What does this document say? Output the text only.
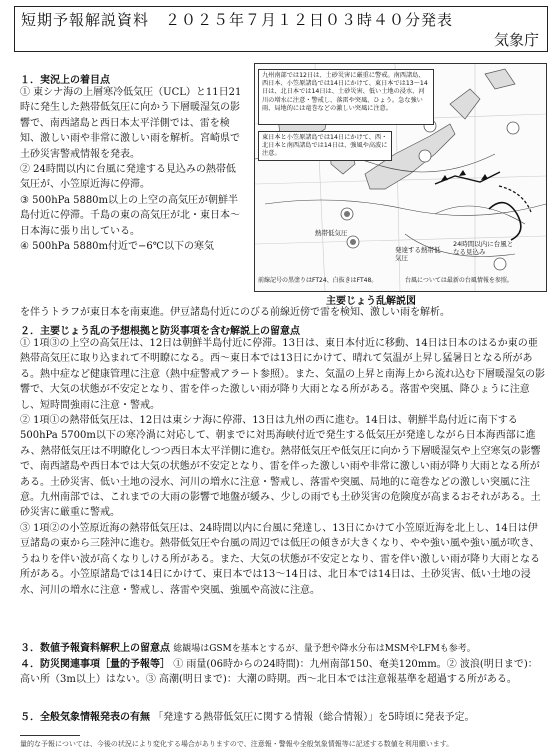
短期予報解説資料　２０２５年７月１２日０３時４０分発表
気象庁
１．実況上の着目点

① 東シナ海の上層寒冷低気圧（UCL）と11日21時に発生した熱帯低気圧に向かう下層暖湿気の影響で、南西諸島と西日本太平洋側では、雷を検知、激しい雨や非常に激しい雨を解析。宮崎県で土砂災害警戒情報を発表。

② 24時間以内に台風に発達する見込みの熱帯低気圧が、小笠原近海に停滞。

③ 500hPa 5880m以上の上空の高気圧が朝鮮半島付近に停滞。千島の東の高気圧が北・東日本～日本海に張り出している。

④ 500hPa 5880m付近で−6℃以下の寒気

を伴うトラフが東日本を南東進。伊豆諸島付近にのびる前線近傍で雷を検知、激しい雨を解析。
九州南部では12日は、土砂災害に厳重に警戒。南西諸島、西日本、小笠原諸島では14日にかけて、東日本では13～14日は、北日本では14日は、土砂災害、低い土地の浸水、河川の増水に注意・警戒し、落雷や突風、ひょう。急な強い雨、局地的には竜巻などの激しい突風に注意。
東日本と小笠原諸島では14日にかけて、西・北日本と南西諸島では14日は、強風や高波に注意。
熱帯低気圧
発達する熱帯低気圧
24時間以内に台風となる見込み
前線記号の黒塗りはFT24、白抜きはFT48。	台風については最新の台風情報を参照。
主要じょう乱解説図
２．主要じょう乱の予想根拠と防災事項を含む解説上の留意点

① 1項③の上空の高気圧は、12日は朝鮮半島付近に停滞。13日は、東日本付近に移動、14日は日本のはるか東の亜熱帯高気圧に取り込まれて不明瞭になる。西～東日本では13日にかけて、晴れて気温が上昇し猛暑日となる所がある。熱中症など健康管理に注意（熱中症警戒アラート参照）。また、気温の上昇と南海上から流れ込む下層暖湿気の影響で、大気の状態が不安定となり、雷を伴った激しい雨が降り大雨となる所がある。落雷や突風、降ひょうに注意し、短時間強雨に注意・警戒。

② 1項①の熱帯低気圧は、12日は東シナ海に停滞、13日は九州の西に進む。14日は、朝鮮半島付近に南下する500hPa 5700m以下の寒冷渦に対応して、朝までに対馬海峡付近で発生する低気圧が発達しながら日本海西部に進み、熱帯低気圧は不明瞭化しつつ西日本太平洋側に進む。熱帯低気圧や低気圧に向かう下層暖湿気や上空寒気の影響で、南西諸島や西日本では大気の状態が不安定となり、雷を伴った激しい雨や非常に激しい雨が降り大雨となる所がある。土砂災害、低い土地の浸水、河川の増水に注意・警戒し、落雷や突風、局地的に竜巻などの激しい突風に注意。九州南部では、これまでの大雨の影響で地盤が緩み、少しの雨でも土砂災害の危険度が高まるおそれがある。土砂災害に厳重に警戒。

③ 1項②の小笠原近海の熱帯低気圧は、24時間以内に台風に発達し、13日にかけて小笠原近海を北上し、14日は伊豆諸島の東から三陸沖に進む。熱帯低気圧や台風の周辺では低圧の傾きが大きくなり、やや強い風や強い風が吹き、うねりを伴い波が高くなりしける所がある。また、大気の状態が不安定となり、雷を伴い激しい雨が降り大雨となる所がある。小笠原諸島では14日にかけて、東日本では13～14日は、北日本では14日は、土砂災害、低い土地の浸水、河川の増水に注意・警戒し、落雷や突風、強風や高波に注意。

３．数値予報資料解釈上の留意点 総観場はGSMを基本とするが、量予想や降水分布はMSMやLFMも参考。
４．防災関連事項［量的予報等］ ① 雨量(06時からの24時間)：九州南部150、奄美120mm。② 波浪(明日まで)：高い所（3m以上）はない。③ 高潮(明日まで)：大潮の時期。西～北日本では注意報基準を超過する所がある。
５．全般気象情報発表の有無 「発達する熱帯低気圧に関する情報（総合情報）」を5時頃に発表予定。
量的な予報については、今後の状況により変化する場合がありますので、注意報・警報や全般気象情報等に記述する数値を利用願います。
